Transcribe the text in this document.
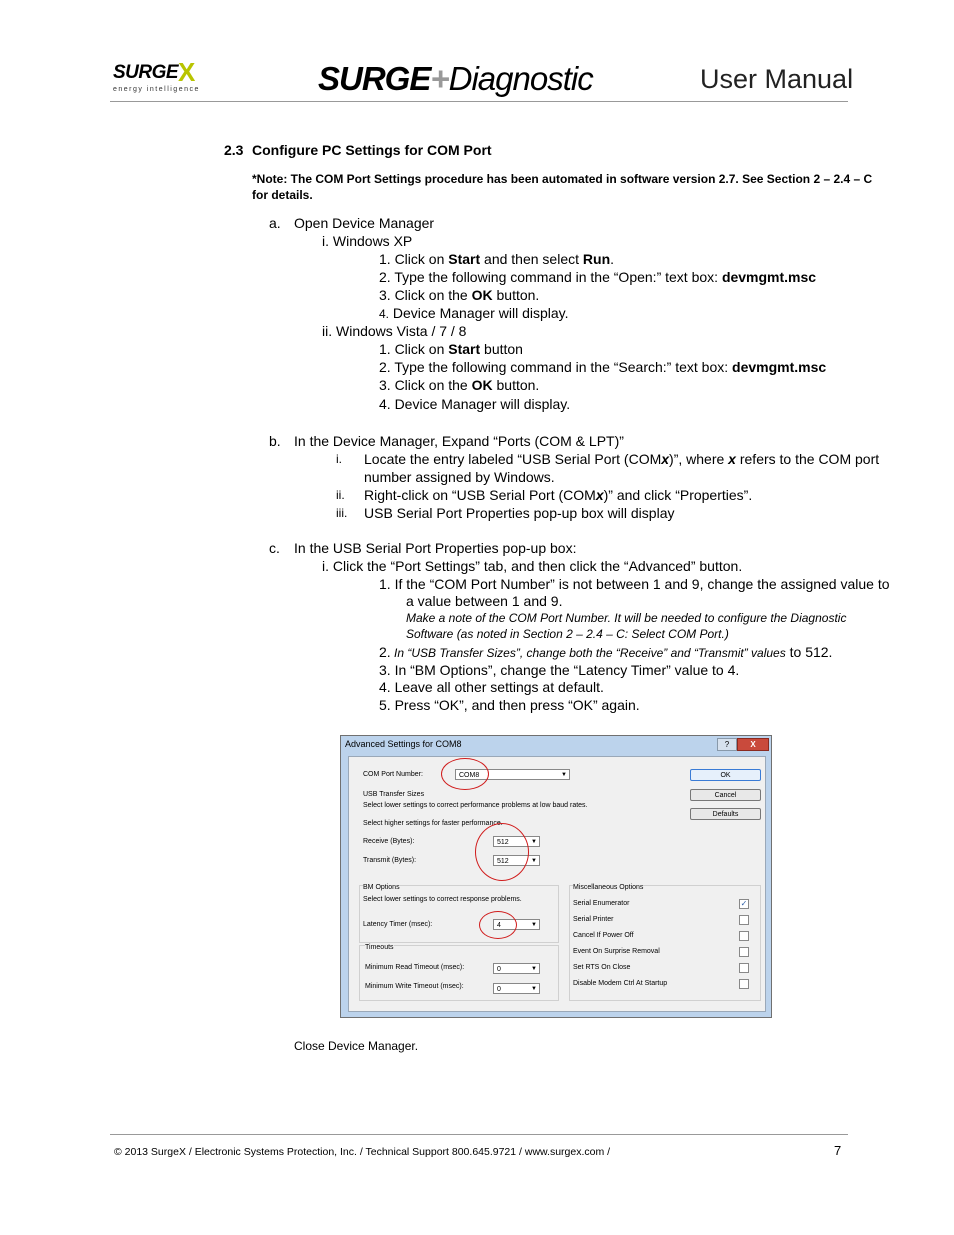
SURGE X
energy intelligence	SURGE+Diagnostic	User Manual
2.3 Configure PC Settings for COM Port
*Note: The COM Port Settings procedure has been automated in software version 2.7. See Section 2 – 2.4 – C
for details.
a. Open Device Manager
i. Windows XP
1. Click on Start and then select Run.
2. Type the following command in the “Open:” text box: devmgmt.msc
3. Click on the OK button.
4. Device Manager will display.
ii. Windows Vista / 7 / 8
1. Click on Start button
2. Type the following command in the “Search:” text box: devmgmt.msc
3. Click on the OK button.
4. Device Manager will display.
b. In the Device Manager, Expand “Ports (COM & LPT)”
i. Locate the entry labeled “USB Serial Port (COMx)”, where x refers to the COM port
number assigned by Windows.
ii. Right-click on “USB Serial Port (COMx)” and click “Properties”.
iii. USB Serial Port Properties pop-up box will display
c. In the USB Serial Port Properties pop-up box:
i. Click the “Port Settings” tab, and then click the “Advanced” button.
1. If the “COM Port Number” is not between 1 and 9, change the assigned value to
a value between 1 and 9.
Make a note of the COM Port Number. It will be needed to configure the Diagnostic
Software (as noted in Section 2 – 2.4 – C: Select COM Port.)
2. In “USB Transfer Sizes”, change both the “Receive” and “Transmit” values to 512.
3. In “BM Options”, change the “Latency Timer” value to 4.
4. Leave all other settings at default.
5. Press “OK”, and then press “OK” again.
Advanced Settings for COM8	?	X
COM Port Number:	COM8	▼
USB Transfer Sizes
Select lower settings to correct performance problems at low baud rates.
Select higher settings for faster performance.
Receive (Bytes):	512	▼
Transmit (Bytes):	512	▼
BM Options
Select lower settings to correct response problems.
Latency Timer (msec):	4	▼
Timeouts
Minimum Read Timeout (msec):	0	▼
Minimum Write Timeout (msec):	0	▼
OK
Cancel
Defaults
Miscellaneous Options
Serial Enumerator	✓
Serial Printer
Cancel If Power Off
Event On Surprise Removal
Set RTS On Close
Disable Modem Ctrl At Startup
Close Device Manager.
© 2013 SurgeX / Electronic Systems Protection, Inc. / Technical Support 800.645.9721 / www.surgex.com /	7
